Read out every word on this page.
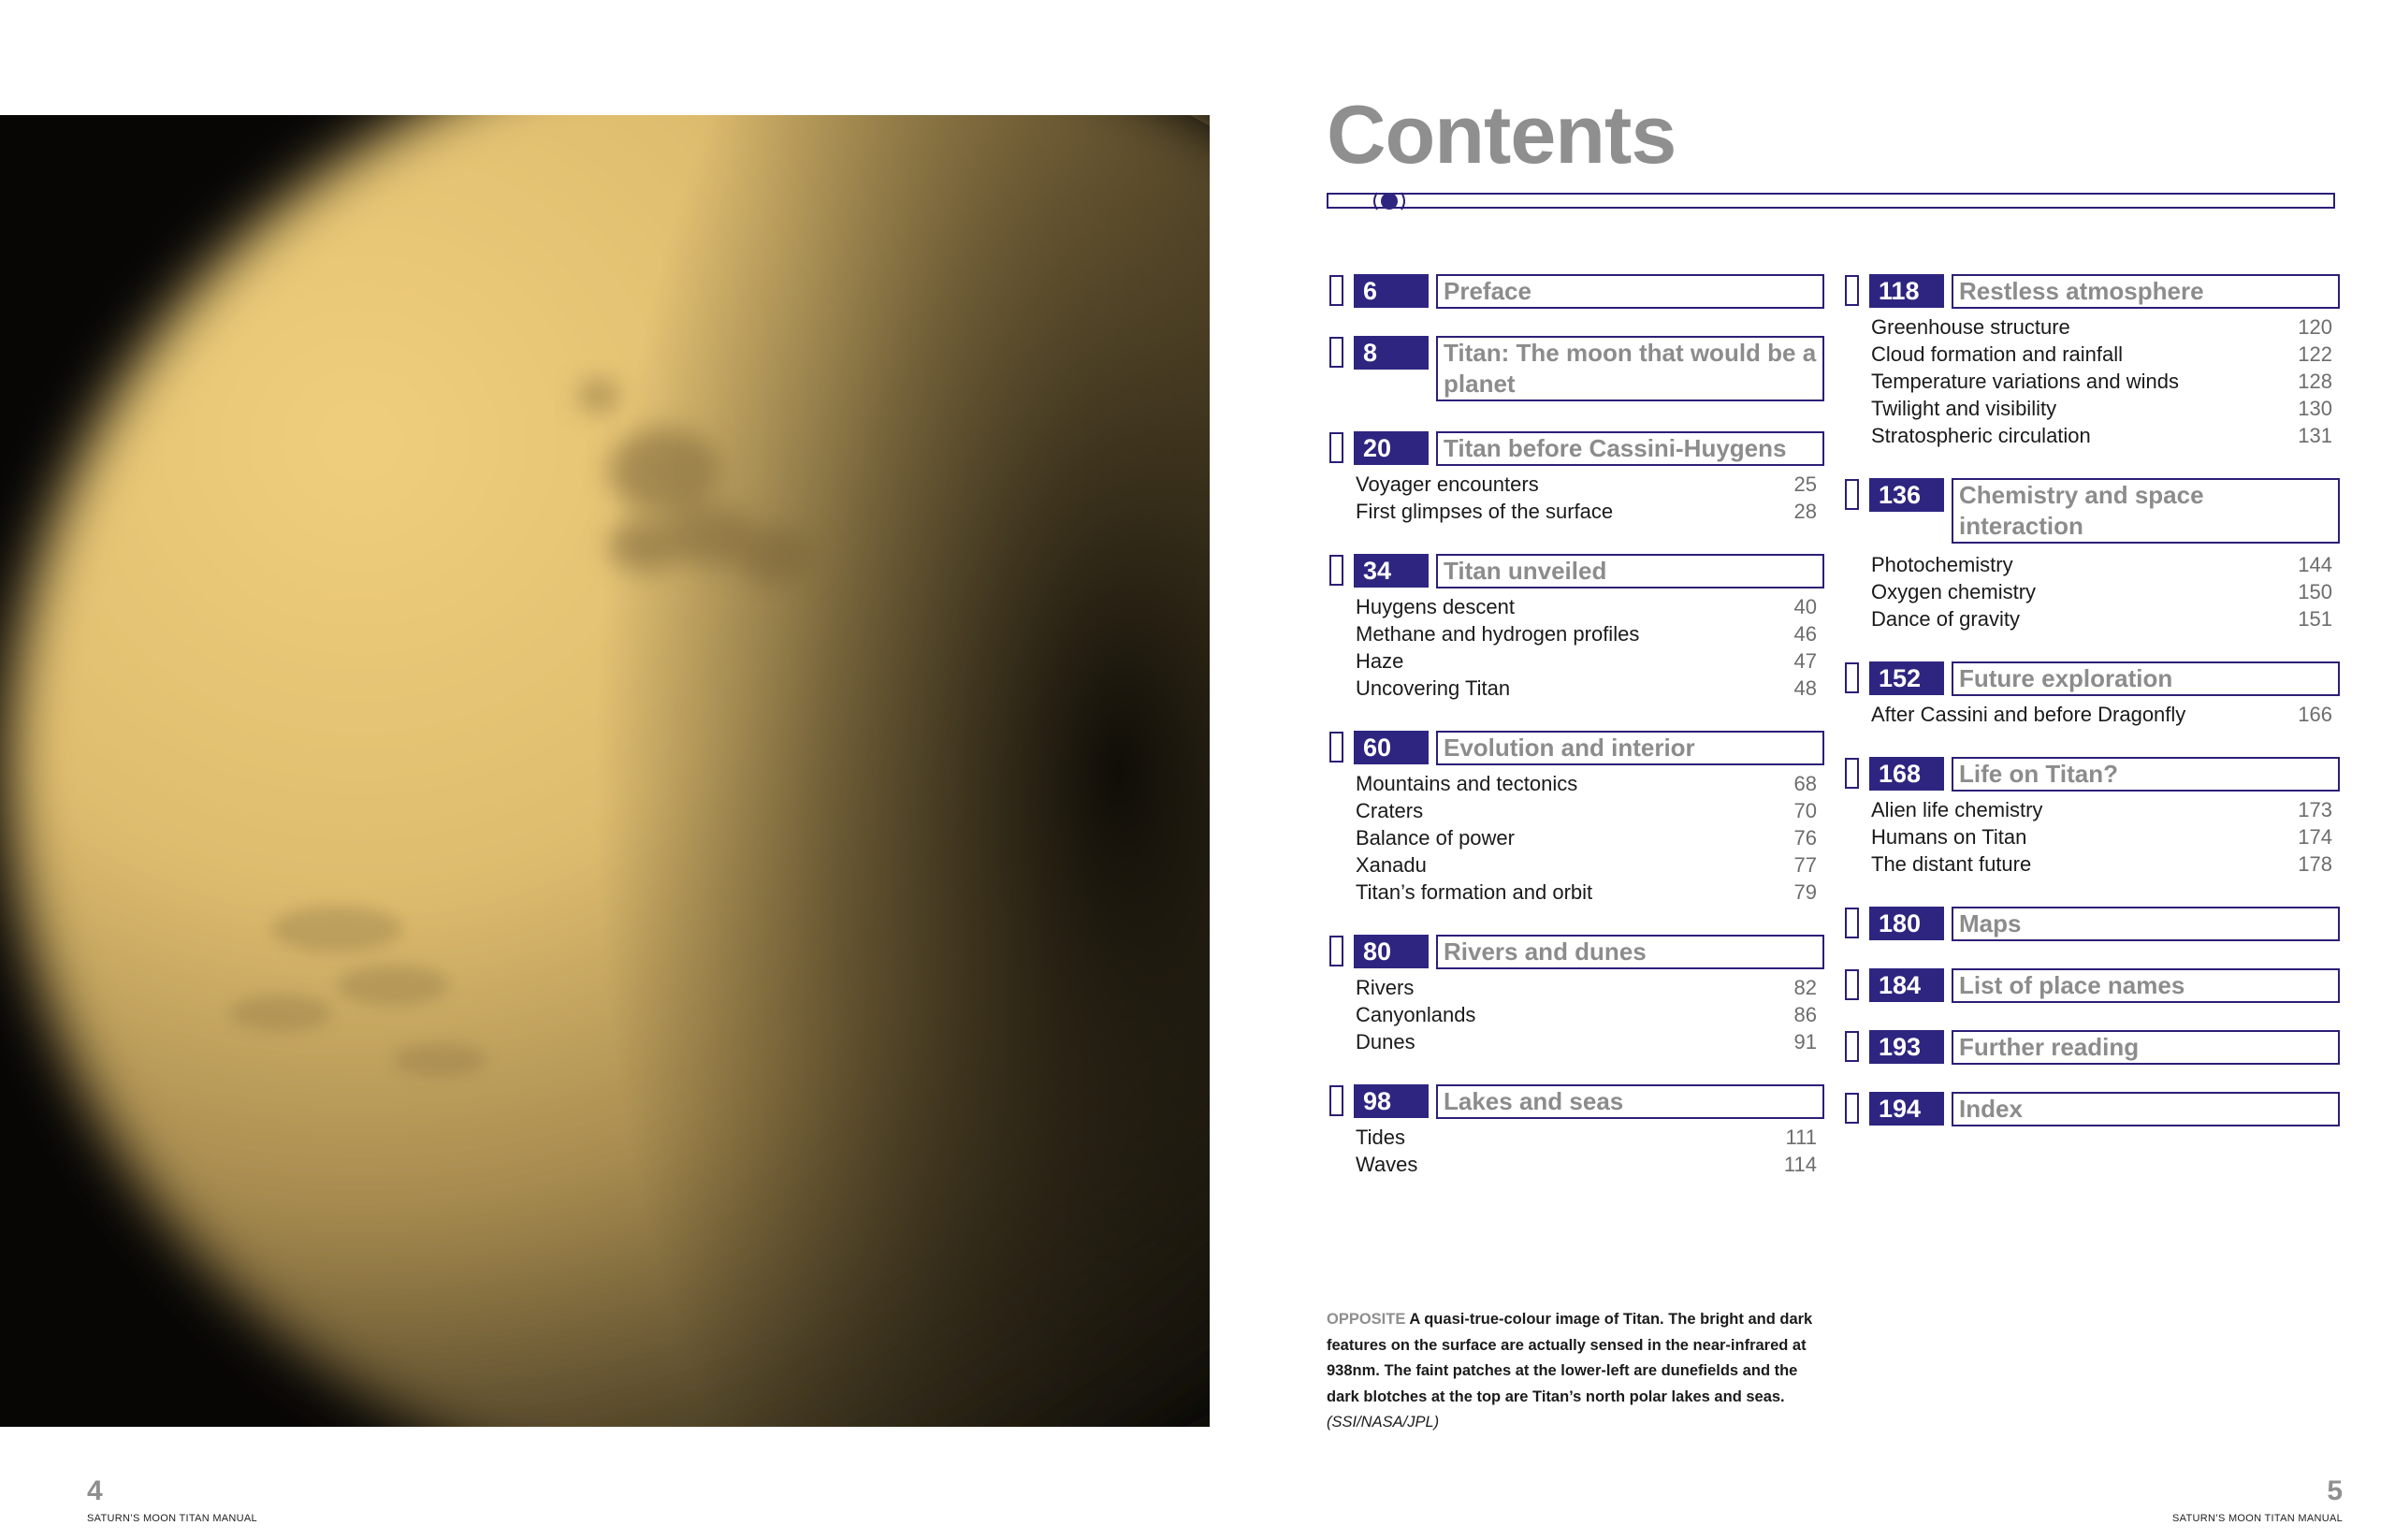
Contents
6	Preface
8	Titan: The moon that would be a planet
20	Titan before Cassini-Huygens
Voyager encounters	25
First glimpses of the surface	28
34	Titan unveiled
Huygens descent	40
Methane and hydrogen profiles	46
Haze	47
Uncovering Titan	48
60	Evolution and interior
Mountains and tectonics	68
Craters	70
Balance of power	76
Xanadu	77
Titan’s formation and orbit	79
80	Rivers and dunes
Rivers	82
Canyonlands	86
Dunes	91
98	Lakes and seas
Tides	111
Waves	114
118	Restless atmosphere
Greenhouse structure	120
Cloud formation and rainfall	122
Temperature variations and winds	128
Twilight and visibility	130
Stratospheric circulation	131
136	Chemistry and space interaction
Photochemistry	144
Oxygen chemistry	150
Dance of gravity	151
152	Future exploration
After Cassini and before Dragonfly	166
168	Life on Titan?
Alien life chemistry	173
Humans on Titan	174
The distant future	178
180	Maps
184	List of place names
193	Further reading
194	Index
OPPOSITE A quasi-true-colour image of Titan. The bright and dark features on the surface are actually sensed in the near-infrared at 938nm. The faint patches at the lower-left are dunefields and the dark blotches at the top are Titan’s north polar lakes and seas. (SSI/NASA/JPL)
4
SATURN’S MOON TITAN MANUAL
5
SATURN’S MOON TITAN MANUAL
